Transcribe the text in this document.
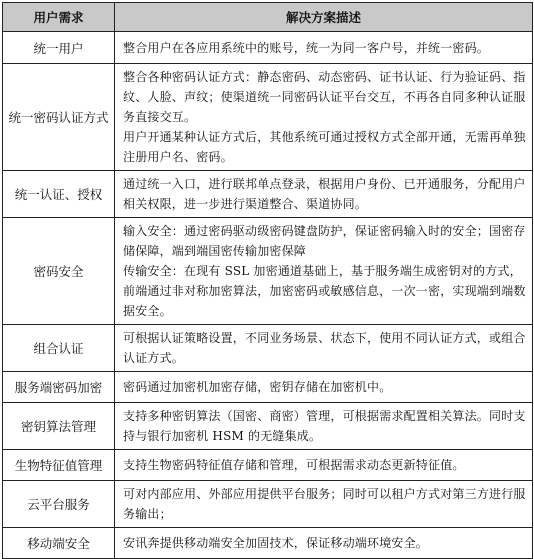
用户需求	解决方案描述
统一用户	整合用户在各应用系统中的账号，统一为同一客户号，并统一密码。

统一密码认证方式	整合各种密码认证方式：静态密码、动态密码、证书认证、行为验证码、指纹、人脸、声纹；使渠道统一同密码认证平台交互，不再各自同多种认证服务直接交互。
用户开通某种认证方式后，其他系统可通过授权方式全部开通，无需再单独注册用户名、密码。

统一认证、授权	通过统一入口，进行联邦单点登录，根据用户身份、已开通服务，分配用户相关权限，进一步进行渠道整合、渠道协同。

密码安全	输入安全：通过密码驱动级密码键盘防护，保证密码输入时的安全；国密存储保障，端到端国密传输加密保障
传输安全：在现有 SSL 加密通道基础上，基于服务端生成密钥对的方式，前端通过非对称加密算法，加密密码或敏感信息，一次一密，实现端到端数据安全。

组合认证	可根据认证策略设置，不同业务场景、状态下，使用不同认证方式，或组合认证方式。

服务端密码加密	密码通过加密机加密存储，密钥存储在加密机中。

密钥算法管理	支持多种密钥算法（国密、商密）管理，可根据需求配置相关算法。同时支持与银行加密机 HSM 的无缝集成。

生物特征值管理	支持生物密码特征值存储和管理，可根据需求动态更新特征值。

云平台服务	可对内部应用、外部应用提供平台服务；同时可以租户方式对第三方进行服务输出；

移动端安全	安讯奔提供移动端安全加固技术，保证移动端环境安全。
